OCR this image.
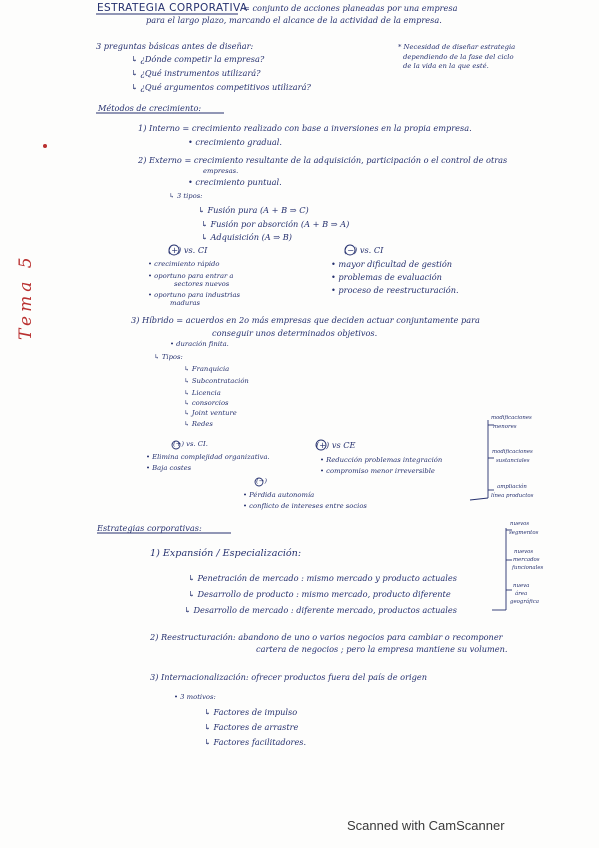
ESTRATEGIA CORPORATIVA
= conjunto de acciones planeadas por una empresa
para el largo plazo, marcando el alcance de la actividad de la empresa.
3 preguntas básicas antes de diseñar:
↳ ¿Dónde competir la empresa?
↳ ¿Qué instrumentos utilizará?
↳ ¿Qué argumentos competitivos utilizará?
* Necesidad de diseñar estrategia
dependiendo de la fase del ciclo
de la vida en la que esté.
Métodos de crecimiento:
1) Interno = crecimiento realizado con base a inversiones en la propia empresa.
• crecimiento gradual.
2) Externo = crecimiento resultante de la adquisición, participación o el control de otras
empresas.
• crecimiento puntual.
↳ 3 tipos:
↳ Fusión pura (A + B ⇒ C)
↳ Fusión por absorción (A + B ⇒ A)
↳ Adquisición (A ⇒ B)
(+) vs. CI
• crecimiento rápido
• oportuno para entrar a
sectores nuevos
• oportuno para industrias
maduras
(−) vs. CI
• mayor dificultad de gestión
• problemas de evaluación
• proceso de reestructuración.
3) Híbrido = acuerdos en 2o más empresas que deciden actuar conjuntamente para
conseguir unos determinados objetivos.
• duración finita.
↳ Tipos:
↳ Franquicia
↳ Subcontratación
↳ Licencia
↳ consorcios
↳ Joint venture
↳ Redes
(+) vs. CI.
• Elimina complejidad organizativa.
• Baja costes
(+) vs CE
• Reducción problemas integración
• compromiso menor irreversible
(−)
• Pérdida autonomía
• conflicto de intereses entre socios
modificaciones
menores
modificaciones
sustanciales
ampliación
línea productos
nuevos
segmentos
nuevos
mercados
funcionales
nueva
área
geográfica
Estrategias corporativas:
1) Expansión / Especialización:
↳ Penetración de mercado : mismo mercado y producto actuales
↳ Desarrollo de producto : mismo mercado, producto diferente
↳ Desarrollo de mercado : diferente mercado, productos actuales
2) Reestructuración: abandono de uno o varios negocios para cambiar o recomponer
cartera de negocios ; pero la empresa mantiene su volumen.
3) Internacionalización: ofrecer productos fuera del país de origen
• 3 motivos:
↳ Factores de impulso
↳ Factores de arrastre
↳ Factores facilitadores.
Tema 5
Scanned with CamScanner
